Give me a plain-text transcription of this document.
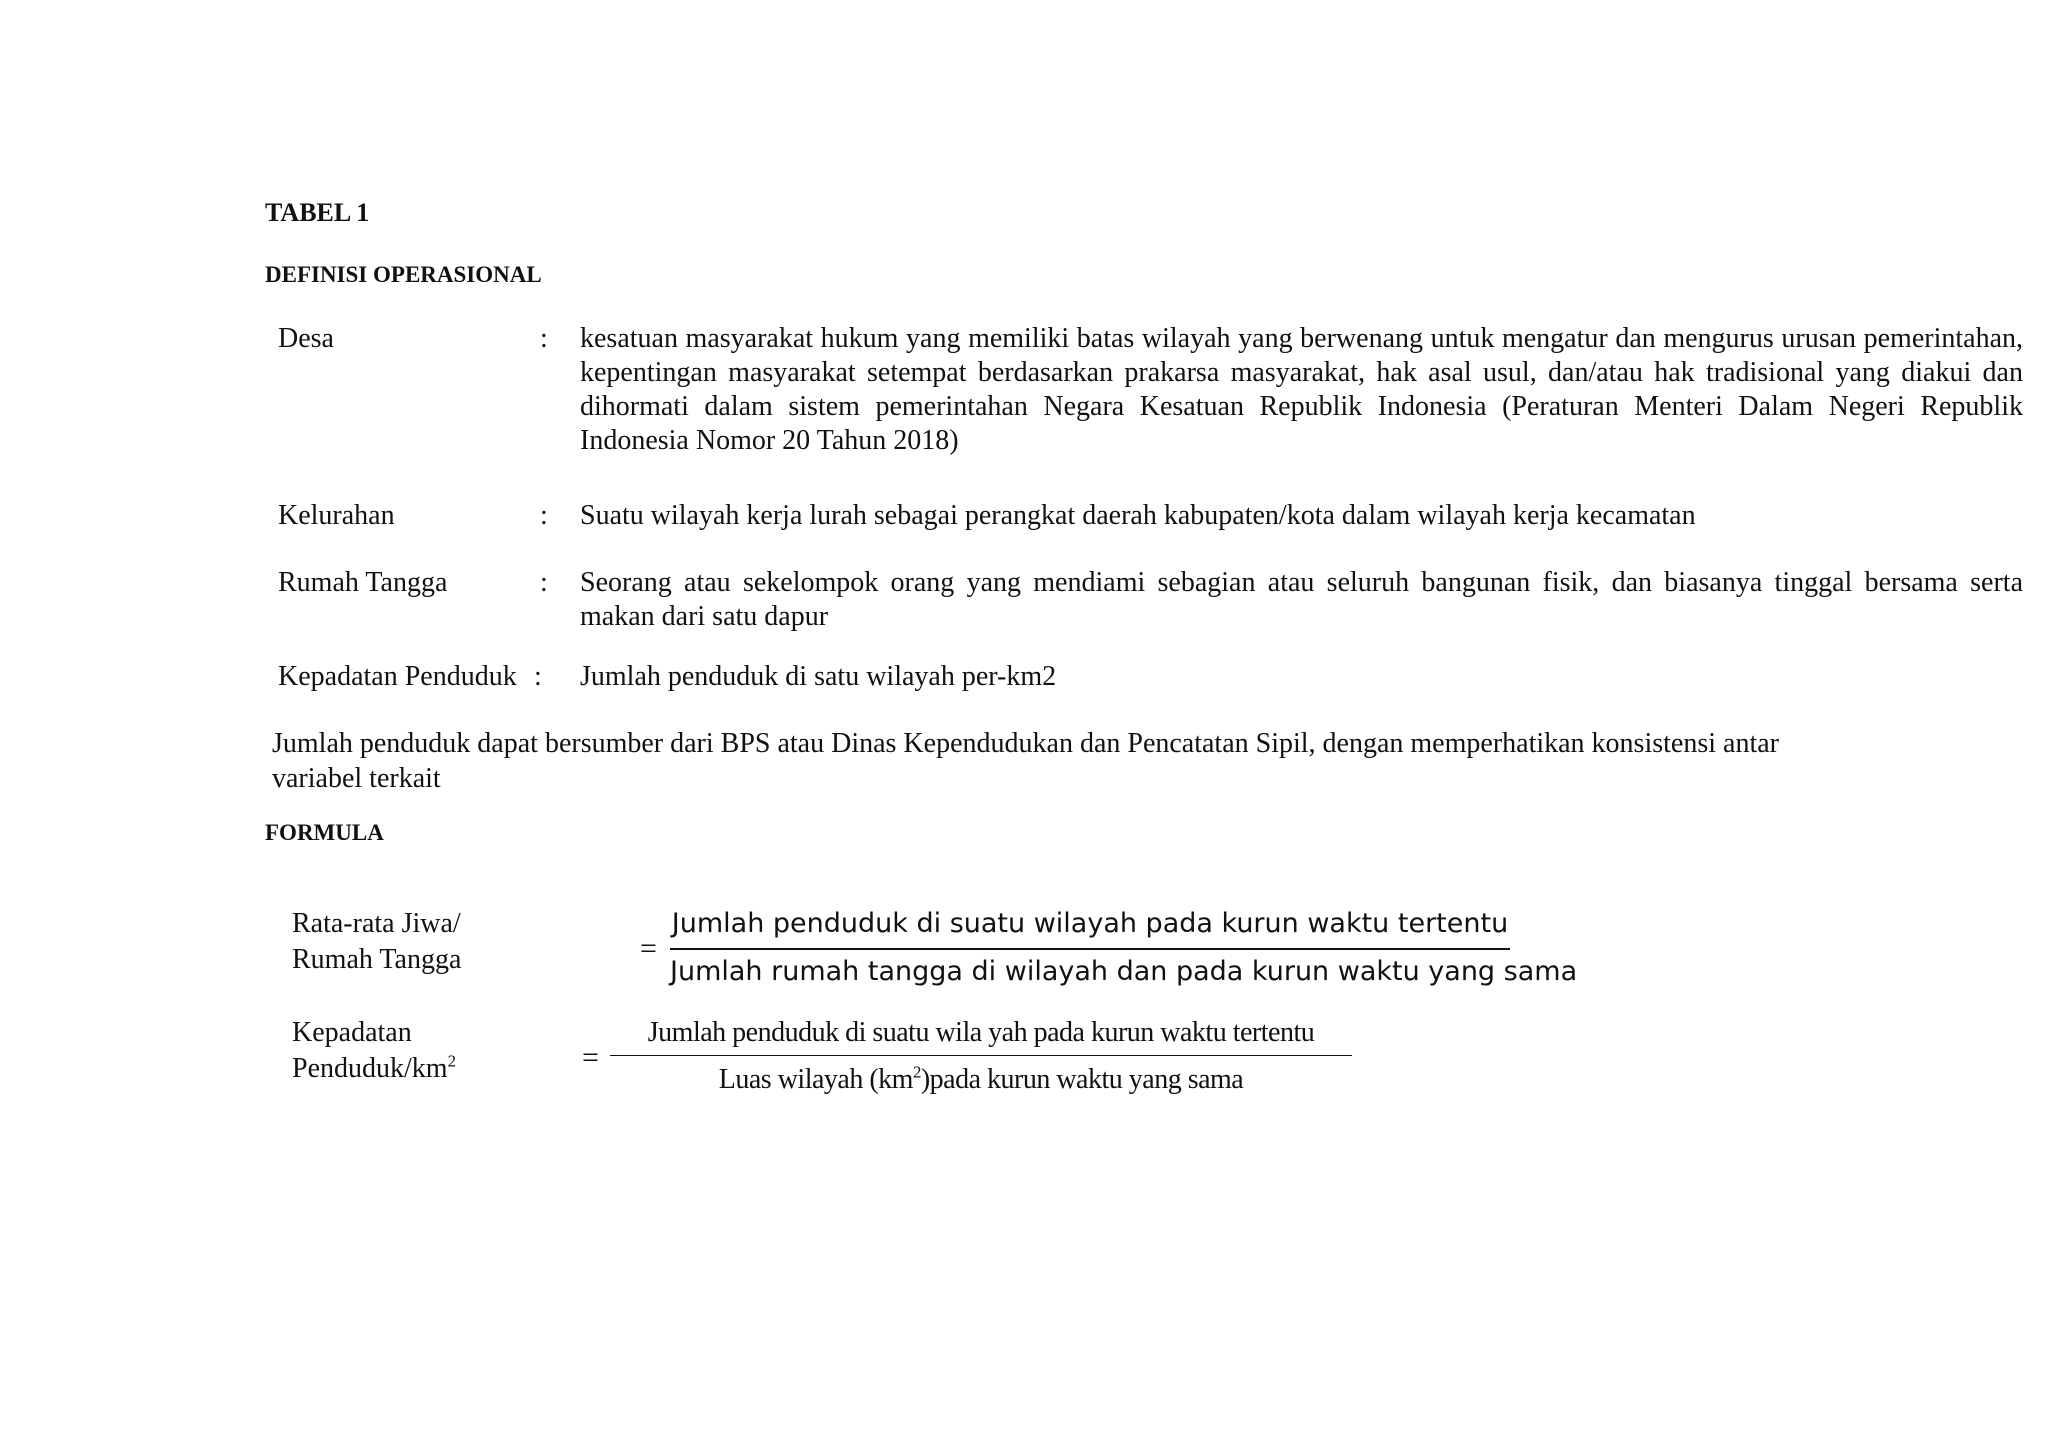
TABEL 1
DEFINISI OPERASIONAL
Desa	: kesatuan masyarakat hukum yang memiliki batas wilayah yang berwenang untuk mengatur dan mengurus urusan pemerintahan, kepentingan masyarakat setempat berdasarkan prakarsa masyarakat, hak asal usul, dan/atau hak tradisional yang diakui dan dihormati dalam sistem pemerintahan Negara Kesatuan Republik Indonesia (Peraturan Menteri Dalam Negeri Republik Indonesia Nomor 20 Tahun 2018)
Kelurahan	: Suatu wilayah kerja lurah sebagai perangkat daerah kabupaten/kota dalam wilayah kerja kecamatan
Rumah Tangga	: Seorang atau sekelompok orang yang mendiami sebagian atau seluruh bangunan fisik, dan biasanya tinggal bersama serta makan dari satu dapur
Kepadatan Penduduk : Jumlah penduduk di satu wilayah per-km2
Jumlah penduduk dapat bersumber dari BPS atau Dinas Kependudukan dan Pencatatan Sipil, dengan memperhatikan konsistensi antar variabel terkait
FORMULA
Rata-rata Jiwa/
Rumah Tangga	=
Jumlah penduduk di suatu wilayah pada kurun waktu tertentu
Jumlah rumah tangga di wilayah dan pada kurun waktu yang sama
Kepadatan
Penduduk/$km^2$	=
Jumlah penduduk di suatu wila yah pada kurun waktu tertentu
Luas wilayah $(km^2)pada$ kurun waktu yang sama
